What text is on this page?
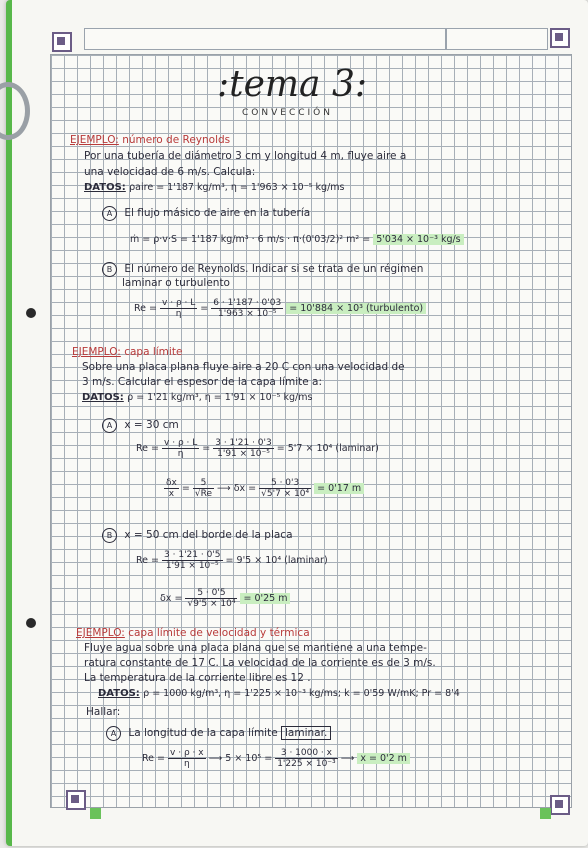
:tema 3:
CONVECCIÓN
EJEMPLO: número de Reynolds
Por una tubería de diámetro 3 cm y longitud 4 m, fluye aire a
una velocidad de 6 m/s. Calcula:
DATOS: ρaire = 1'187 kg/m³, η = 1'963 × 10⁻⁵ kg/ms
A El flujo másico de aire en la tubería
ṁ = ρ·v·S = 1'187 kg/m³ · 6 m/s · π·(0'03/2)² m² = 5'034 × 10⁻³ kg/s
B El número de Reynolds. Indicar si se trata de un régimen
laminar o turbulento
$Re = \frac{v \cdot \rho \cdot L}{\eta} = \frac{6 \cdot 1'187 \cdot 0'03}{\text{1'963 × 10⁻⁵}} = 10'884 \times 10^3$ (turbulento)
EJEMPLO: capa límite
Sobre una placa plana fluye aire a 20 C con una velocidad de
3 m/s. Calcular el espesor de la capa límite a:
DATOS: ρ = 1'21 kg/m³, η = 1'91 × 10⁻⁵ kg/ms
A x = 30 cm
$Re = \frac{v \cdot \rho \cdot L}{\eta} = \frac{3 \cdot 1'21 \cdot 0'3}{\text{1'91 × 10⁻⁵}} = 5'7 \times 10^4$ (laminar)
$\frac{\delta x}{x} = \frac{5}{√Re}$ ⟶ $\delta x = \frac{5 \cdot 0'3}{\text{√5'7 × 10⁴}} = 0'17$ m
B x = 50 cm del borde de la placa
$Re = \frac{3 \cdot 1'21 \cdot 0'5}{\text{1'91 × 10⁻⁵}} = 9'5 \times 10^4$ (laminar)
$\delta x = \frac{5 \cdot 0'5}{\text{√9'5 × 10⁴}} = 0'25$ m
EJEMPLO: capa límite de velocidad y térmica
Fluye agua sobre una placa plana que se mantiene a una tempe-
ratura constante de 17 C. La velocidad de la corriente es de 3 m/s.
La temperatura de la corriente libre es 12 .
DATOS: ρ = 1000 kg/m³, η = 1'225 × 10⁻³ kg/ms; k = 0'59 W/mK; Pr = 8'4
Hallar:
A La longitud de la capa límite laminar.
$Re = \frac{v \cdot \rho \cdot x}{\eta}$ ⟶ $5 \times 10^5 = \frac{3 \cdot 1000 \cdot x}{\text{1'225 × 10⁻³}}$ ⟶ x = 0'2 m
